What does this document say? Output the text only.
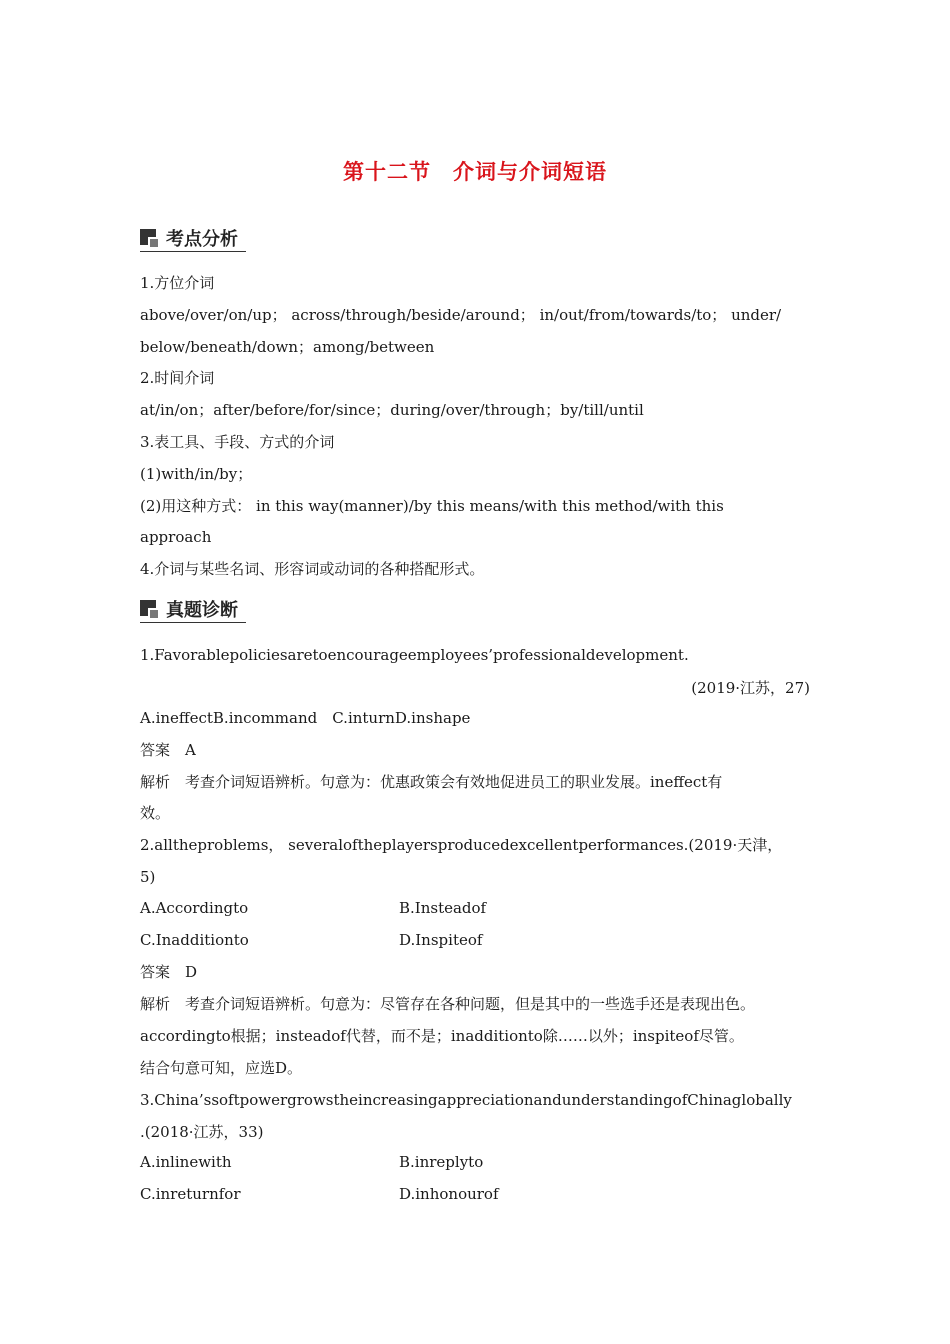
第十二节　介词与介词短语
考点分析
1.方位介词
above/over/on/up； across/through/beside/around； in/out/from/towards/to； under/
below/beneath/down；among/between
2.时间介词
at/in/on；after/before/for/since；during/over/through；by/till/until
3.表工具、手段、方式的介词
(1)with/in/by；
(2)用这种方式： in this way(manner)/by this means/with this method/with this
approach
4.介词与某些名词、形容词或动词的各种搭配形式。
真题诊断
1.Favorablepoliciesaretoencourageemployees’professionaldevelopment.
(2019·江苏，27)
A.ineffectB.incommand　C.inturnD.inshape
答案　A
解析　考查介词短语辨析。句意为：优惠政策会有效地促进员工的职业发展。ineffect有
效。
2.alltheproblems， severaloftheplayersproducedexcellentperformances.(2019·天津，
5)
A.Accordingto	B.Insteadof
C.Inadditionto	D.Inspiteof
答案　D
解析　考查介词短语辨析。句意为：尽管存在各种问题，但是其中的一些选手还是表现出色。
accordingto根据；insteadof代替，而不是；inadditionto除……以外；inspiteof尽管。
结合句意可知，应选D。
3.China’ssoftpowergrowstheincreasingappreciationandunderstandingofChinaglobally
.(2018·江苏，33)
A.inlinewith	B.inreplyto
C.inreturnfor	D.inhonourof
